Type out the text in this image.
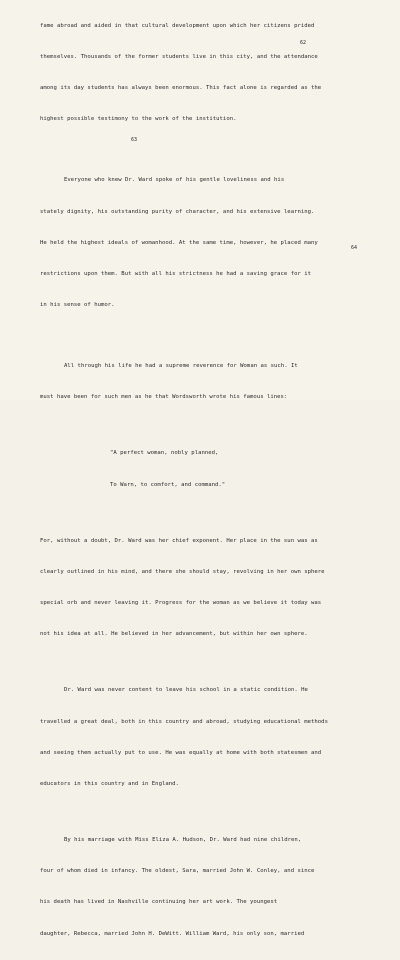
fame abroad and aided in that cultural development upon which her citizens prided

themselves. Thousands of the former students live in this city, and the attendance

among its day students has always been enormous. This fact alone is regarded as the

highest possible testimony to the work of the institution.

Everyone who knew Dr. Ward spoke of his gentle loveliness and his

stately dignity, his outstanding purity of character, and his extensive learning.

He held the highest ideals of womanhood. At the same time, however, he placed many

restrictions upon them. But with all his strictness he had a saving grace for it

in his sense of humor.

All through his life he had a supreme reverence for Woman as such. It

must have been for such men as he that Wordsworth wrote his famous lines:

"A perfect woman, nobly planned,

To Warn, to comfort, and command."

For, without a doubt, Dr. Ward was her chief exponent. Her place in the sun was as

clearly outlined in his mind, and there she should stay, revolving in her own sphere

special orb and never leaving it. Progress for the woman as we believe it today was

not his idea at all. He believed in her advancement, but within her own sphere.

Dr. Ward was never content to leave his school in a static condition. He

travelled a great deal, both in this country and abroad, studying educational methods

and seeing them actually put to use. He was equally at home with both statesmen and

educators in this country and in England.

By his marriage with Miss Eliza A. Hudson, Dr. Ward had nine children,

four of whom died in infancy. The oldest, Sara, married John W. Conley, and since

his death has lived in Nashville continuing her art work. The youngest

daughter, Rebecca, married John H. DeWitt. William Ward, his only son, married

62
63
64
